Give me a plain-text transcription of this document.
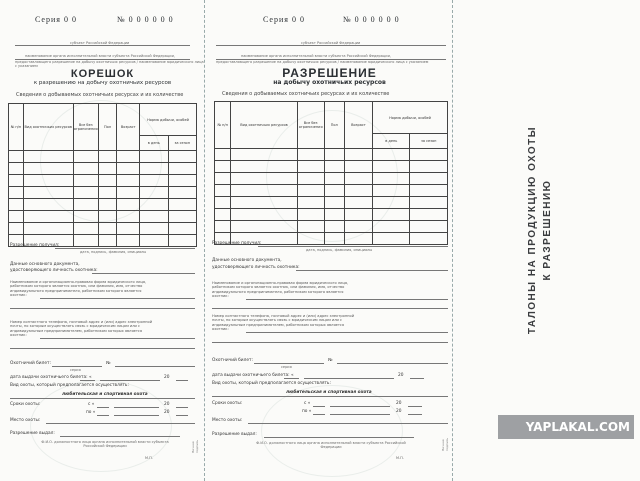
Серия 0 0	№ 0 0 0 0 0 0
субъект Российской Федерации
наименование органа исполнительной власти субъекта Российской Федерации,
предоставляющего разрешение на добычу охотничьих ресурсов / наименование юридического лица с указанием
КОРЕШОК
к разрешению на добычу охотничьих ресурсов
Сведения о добываемых охотничьих ресурсах и их количестве
№ п/п	Вид охотничьих ресурсов	Все без ограничения	Пол	Возраст	Норма добычи, особей	
					в день	за сезон

Разрешение получил:
дата, подпись, фамилия, инициалы
Данные основного документа,
удостоверяющего личность охотника:
Наименование и организационно-правовая форма юридического лица,
работником которого является охотник, или фамилия, имя, отчество
индивидуального предпринимателя, работником которого является
охотник:
Номер контактного телефона, почтовый адрес и (или) адрес электронной
почты, по которым осуществлять связь с юридическим лицом или с
индивидуальным предпринимателем, работником которых является
охотник:
Охотничий билет:	№
серия
дата выдачи охотничьего билета: «	20
Вид охоты, который предполагается осуществлять:
любительская и спортивная охота
Сроки охоты:	с «	20
по «	20
Место охоты:
Разрешение выдал:
Ф.И.О. должностного лица органа исполнительной власти субъекта Российской Федерации
М.П.
Личная подпись
Серия 0 0	№ 0 0 0 0 0 0
субъект Российской Федерации
наименование органа исполнительной власти субъекта Российской Федерации,
предоставляющего разрешение на добычу охотничьих ресурсов / наименование юридического лица с указанием
РАЗРЕШЕНИЕ
на добычу охотничьих ресурсов
Сведения о добываемых охотничьих ресурсах и их количестве
№ п/п	Вид охотничьих ресурсов	Все без ограничения	Пол	Возраст	Норма добычи, особей	
					в день	за сезон

Разрешение получил:
дата, подпись, фамилия, инициалы
Данные основного документа,
удостоверяющего личность охотника:
Наименование и организационно-правовая форма юридического лица,
работником которого является охотник, или фамилия, имя, отчество
индивидуального предпринимателя, работником которого является
охотник:
Номер контактного телефона, почтовый адрес и (или) адрес электронной
почты, по которым осуществлять связь с юридическим лицом или с
индивидуальным предпринимателем, работником которых является
охотник:
Охотничий билет:	№
серия
дата выдачи охотничьего билета: «	20
Вид охоты, который предполагается осуществлять:
любительская и спортивная охота
Сроки охоты:	с «	20
по «	20
Место охоты:
Разрешение выдал:
Ф.И.О. должностного лица органа исполнительной власти субъекта Российской Федерации
М.П.
Личная подпись
ТАЛОНЫ НА ПРОДУКЦИЮ ОХОТЫ К РАЗРЕШЕНИЮ
YAPLAKAL.COM
